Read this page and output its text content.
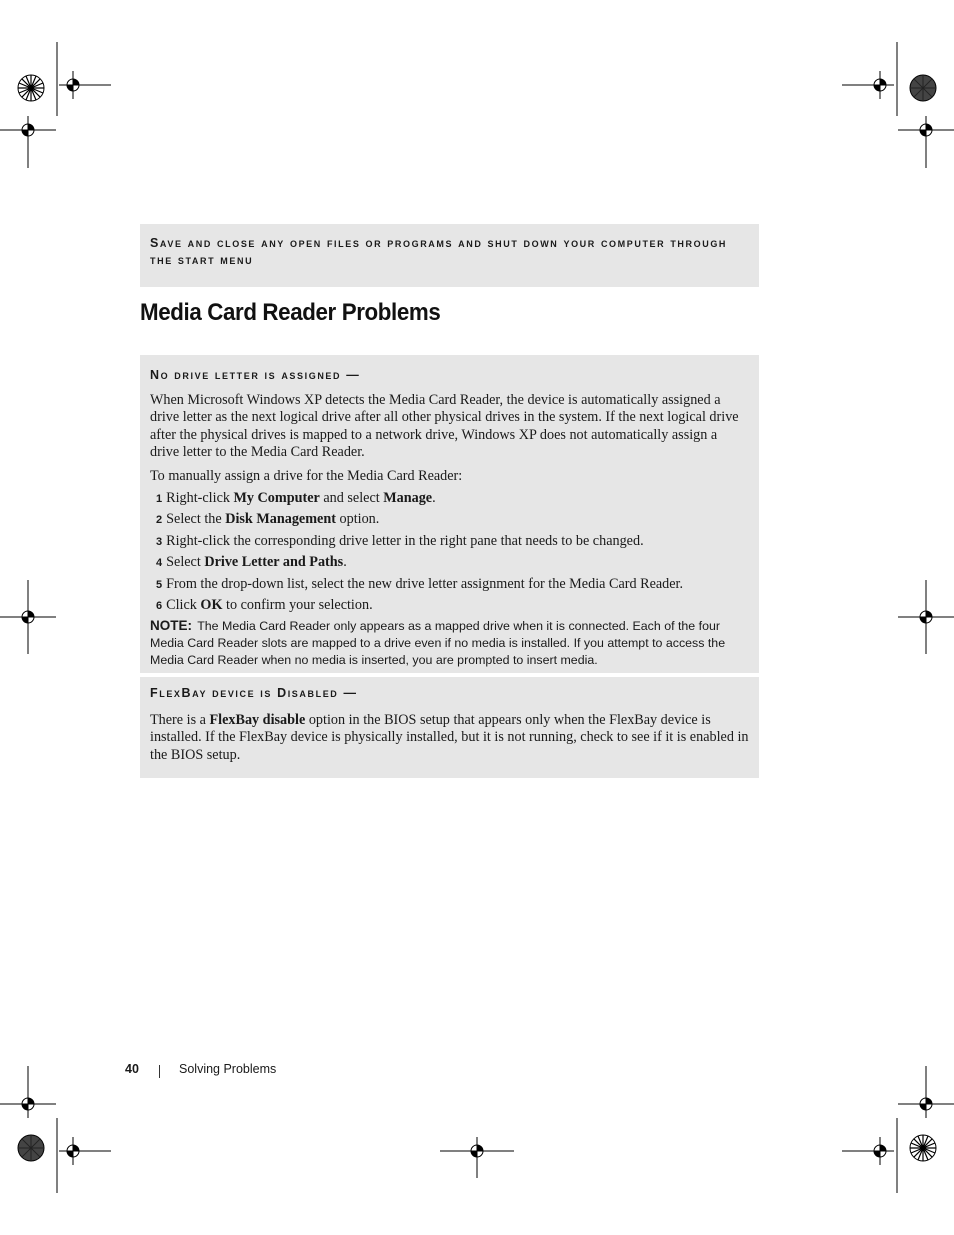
Save and close any open files or programs and shut down your computer through the start menu

Media Card Reader Problems

No drive letter is assigned —

When Microsoft Windows XP detects the Media Card Reader, the device is automatically assigned a drive letter as the next logical drive after all other physical drives in the system. If the next logical drive after the physical drives is mapped to a network drive, Windows XP does not automatically assign a drive letter to the Media Card Reader.

To manually assign a drive for the Media Card Reader:

1 Right-click My Computer and select Manage.
2 Select the Disk Management option.
3 Right-click the corresponding drive letter in the right pane that needs to be changed.
4 Select Drive Letter and Paths.
5 From the drop-down list, select the new drive letter assignment for the Media Card Reader.
6 Click OK to confirm your selection.

NOTE: The Media Card Reader only appears as a mapped drive when it is connected. Each of the four Media Card Reader slots are mapped to a drive even if no media is installed. If you attempt to access the Media Card Reader when no media is inserted, you are prompted to insert media.

FlexBay device is Disabled —

There is a FlexBay disable option in the BIOS setup that appears only when the FlexBay device is installed. If the FlexBay device is physically installed, but it is not running, check to see if it is enabled in the BIOS setup.

40	Solving Problems
